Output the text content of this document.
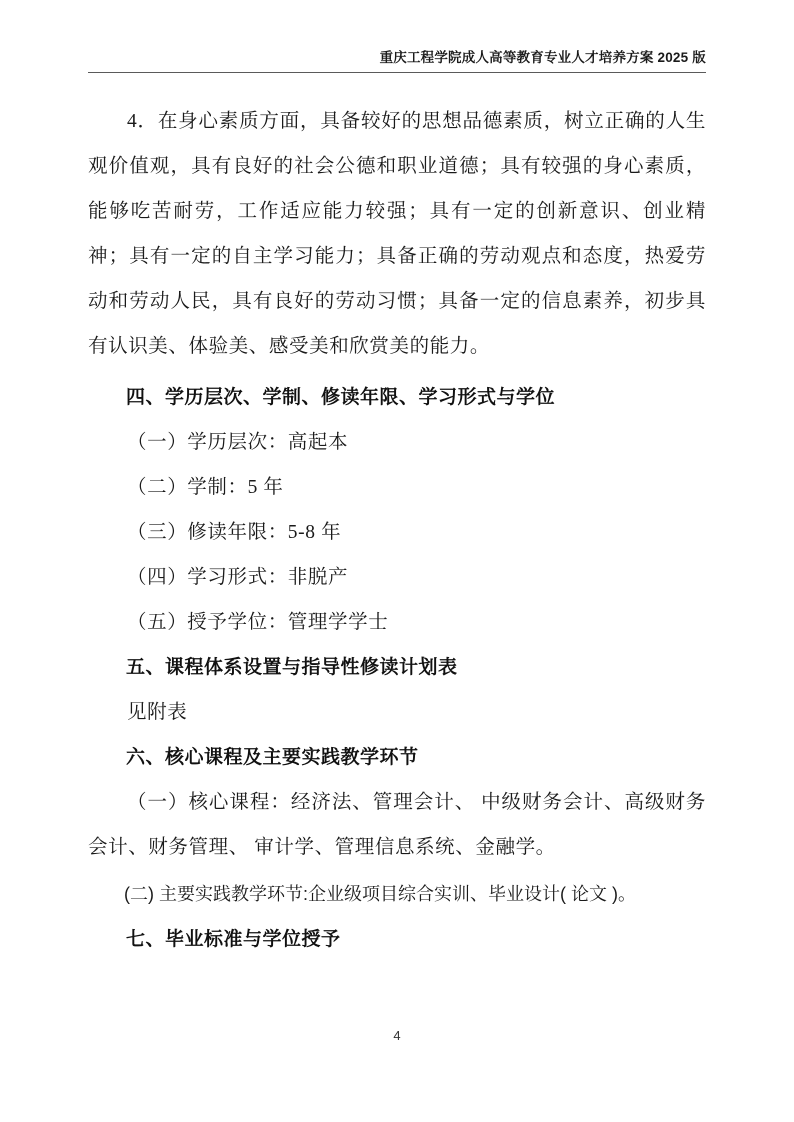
重庆工程学院成人高等教育专业人才培养方案 2025 版

4．在身心素质方面，具备较好的思想品德素质，树立正确的人生观价值观，具有良好的社会公德和职业道德；具有较强的身心素质，能够吃苦耐劳，工作适应能力较强；具有一定的创新意识、创业精神；具有一定的自主学习能力；具备正确的劳动观点和态度，热爱劳动和劳动人民，具有良好的劳动习惯；具备一定的信息素养，初步具有认识美、体验美、感受美和欣赏美的能力。

四、学历层次、学制、修读年限、学习形式与学位

（一）学历层次：高起本

（二）学制：5 年

（三）修读年限：5-8 年

（四）学习形式：非脱产

（五）授予学位：管理学学士

五、课程体系设置与指导性修读计划表

见附表

六、核心课程及主要实践教学环节

（一）核心课程：经济法、管理会计、 中级财务会计、高级财务会计、财务管理、 审计学、管理信息系统、金融学。

(二) 主要实践教学环节:企业级项目综合实训、毕业设计( 论文 )。

七、毕业标准与学位授予
4
